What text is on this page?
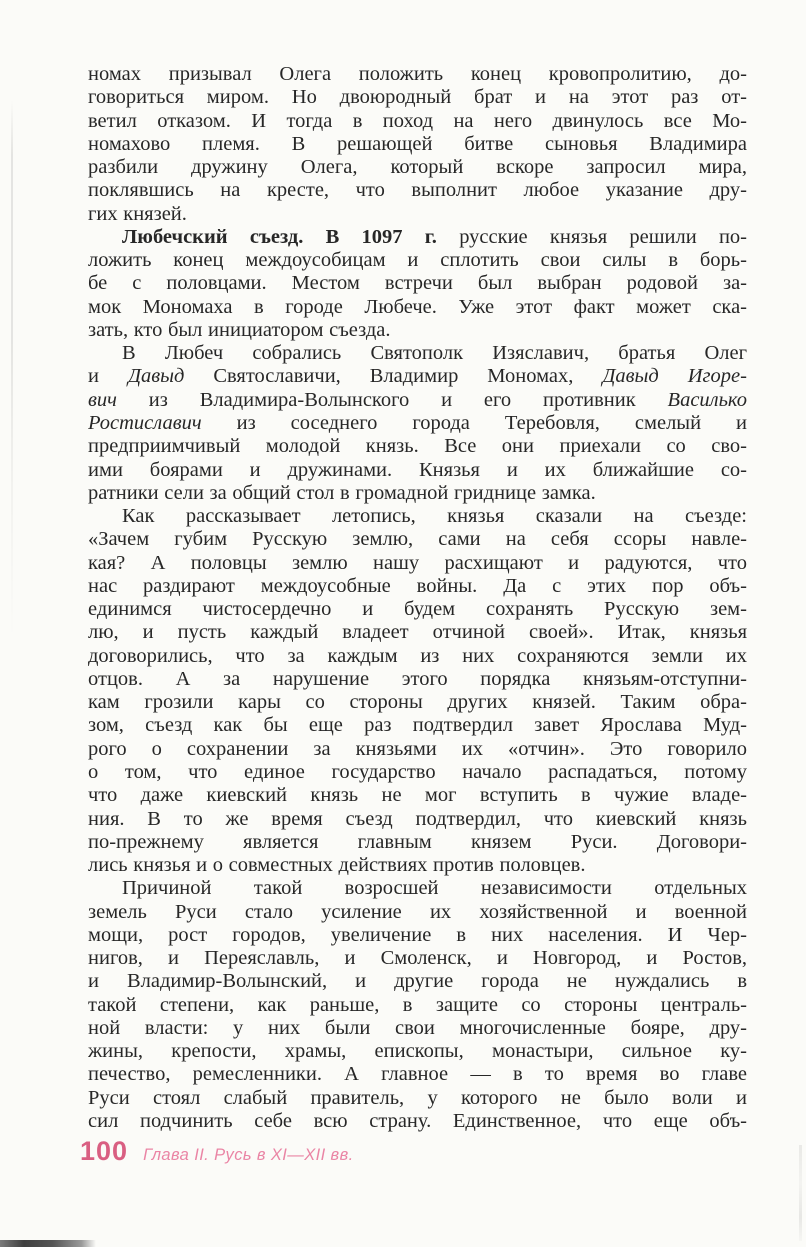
номах призывал Олега положить конец кровопролитию, до-
говориться миром. Но двоюродный брат и на этот раз от-
ветил отказом. И тогда в поход на него двинулось все Мо-
номахово племя. В решающей битве сыновья Владимира
разбили дружину Олега, который вскоре запросил мира,
поклявшись на кресте, что выполнит любое указание дру-
гих князей.
Любечский съезд. В 1097 г. русские князья решили по-
ложить конец междоусобицам и сплотить свои силы в борь-
бе с половцами. Местом встречи был выбран родовой за-
мок Мономаха в городе Любече. Уже этот факт может ска-
зать, кто был инициатором съезда.
В Любеч собрались Святополк Изяславич, братья Олег
и Давыд Святославичи, Владимир Мономах, Давыд Игоре-
вич из Владимира-Волынского и его противник Василько
Ростиславич из соседнего города Теребовля, смелый и
предприимчивый молодой князь. Все они приехали со сво-
ими боярами и дружинами. Князья и их ближайшие со-
ратники сели за общий стол в громадной гриднице замка.
Как рассказывает летопись, князья сказали на съезде:
«Зачем губим Русскую землю, сами на себя ссоры навле-
кая? А половцы землю нашу расхищают и радуются, что
нас раздирают междоусобные войны. Да с этих пор объ-
единимся чистосердечно и будем сохранять Русскую зем-
лю, и пусть каждый владеет отчиной своей». Итак, князья
договорились, что за каждым из них сохраняются земли их
отцов. А за нарушение этого порядка князьям-отступни-
кам грозили кары со стороны других князей. Таким обра-
зом, съезд как бы еще раз подтвердил завет Ярослава Муд-
рого о сохранении за князьями их «отчин». Это говорило
о том, что единое государство начало распадаться, потому
что даже киевский князь не мог вступить в чужие владе-
ния. В то же время съезд подтвердил, что киевский князь
по-прежнему является главным князем Руси. Договори-
лись князья и о совместных действиях против половцев.
Причиной такой возросшей независимости отдельных
земель Руси стало усиление их хозяйственной и военной
мощи, рост городов, увеличение в них населения. И Чер-
нигов, и Переяславль, и Смоленск, и Новгород, и Ростов,
и Владимир-Волынский, и другие города не нуждались в
такой степени, как раньше, в защите со стороны централь-
ной власти: у них были свои многочисленные бояре, дру-
жины, крепости, храмы, епископы, монастыри, сильное ку-
печество, ремесленники. А главное — в то время во главе
Руси стоял слабый правитель, у которого не было воли и
сил подчинить себе всю страну. Единственное, что еще объ-
100 Глава II. Русь в XI—XII вв.
